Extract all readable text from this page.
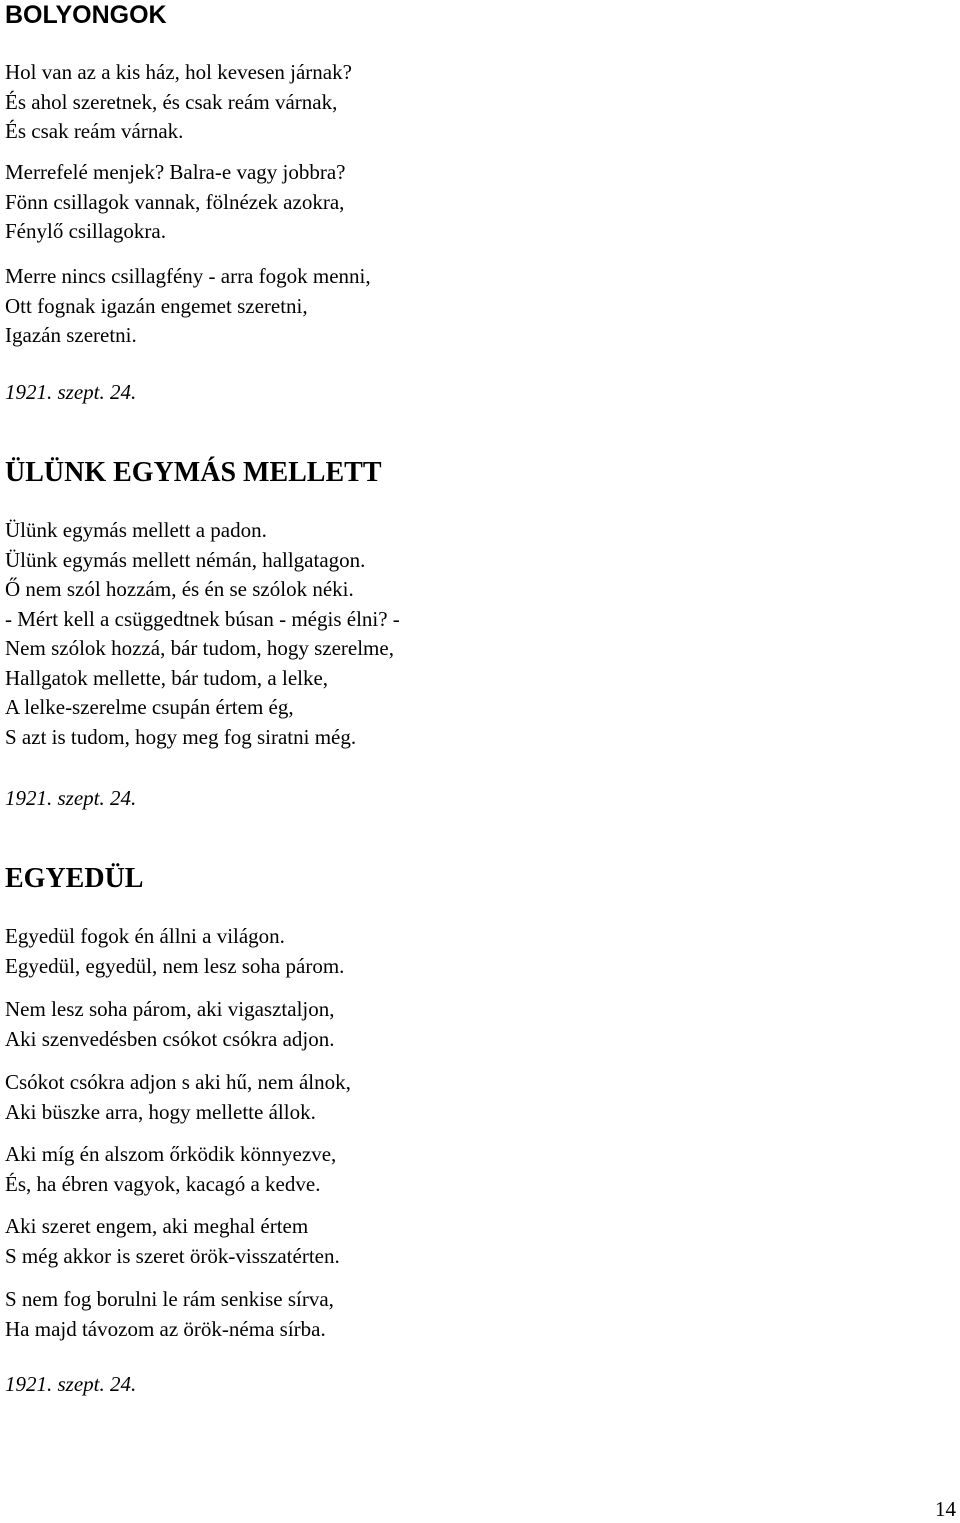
BOLYONGOK
Hol van az a kis ház, hol kevesen járnak?
És ahol szeretnek, és csak reám várnak,
És csak reám várnak.
Merrefelé menjek? Balra-e vagy jobbra?
Fönn csillagok vannak, fölnézek azokra,
Fénylő csillagokra.
Merre nincs csillagfény - arra fogok menni,
Ott fognak igazán engemet szeretni,
Igazán szeretni.
1921. szept. 24.
ÜLÜNK EGYMÁS MELLETT
Ülünk egymás mellett a padon.
Ülünk egymás mellett némán, hallgatagon.
Ő nem szól hozzám, és én se szólok néki.
- Mért kell a csüggedtnek búsan - mégis élni? -
Nem szólok hozzá, bár tudom, hogy szerelme,
Hallgatok mellette, bár tudom, a lelke,
A lelke-szerelme csupán értem ég,
S azt is tudom, hogy meg fog siratni még.
1921. szept. 24.
EGYEDÜL
Egyedül fogok én állni a világon.
Egyedül, egyedül, nem lesz soha párom.
Nem lesz soha párom, aki vigasztaljon,
Aki szenvedésben csókot csókra adjon.
Csókot csókra adjon s aki hű, nem álnok,
Aki büszke arra, hogy mellette állok.
Aki míg én alszom őrködik könnyezve,
És, ha ébren vagyok, kacagó a kedve.
Aki szeret engem, aki meghal értem
S még akkor is szeret örök-visszatérten.
S nem fog borulni le rám senkise sírva,
Ha majd távozom az örök-néma sírba.
1921. szept. 24.
14
